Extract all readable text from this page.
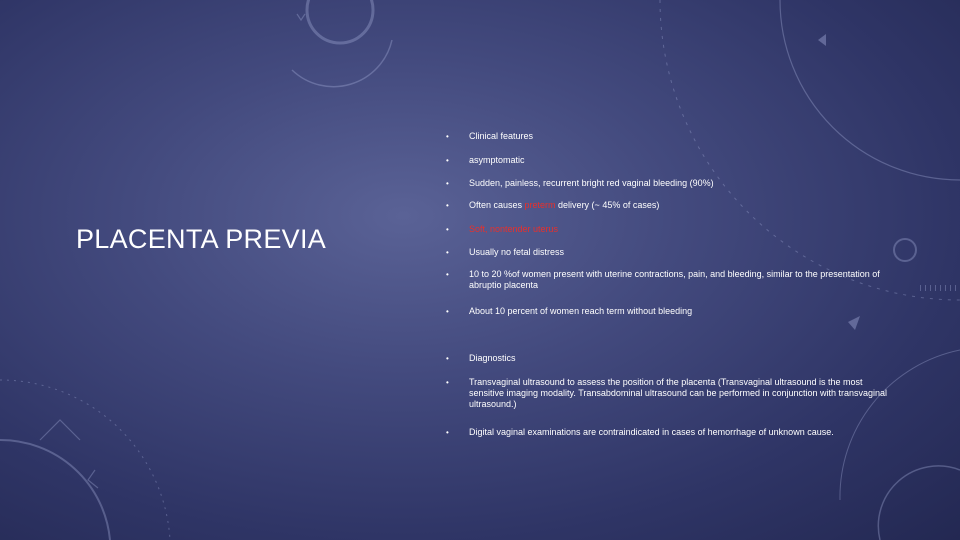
PLACENTA PREVIA
• Clinical features
• asymptomatic
• Sudden, painless, recurrent bright red vaginal bleeding (90%)
• Often causes preterm delivery (~ 45% of cases)
• Soft, nontender uterus
• Usually no fetal distress
• 10 to 20 %of women present with uterine contractions, pain, and bleeding, similar to the presentation of abruptio placenta
• About 10 percent of women reach term without bleeding
• Diagnostics
• Transvaginal ultrasound to assess the position of the placenta (Transvaginal ultrasound is the most sensitive imaging modality. Transabdominal ultrasound can be performed in conjunction with transvaginal ultrasound.)
• Digital vaginal examinations are contraindicated in cases of hemorrhage of unknown cause.
